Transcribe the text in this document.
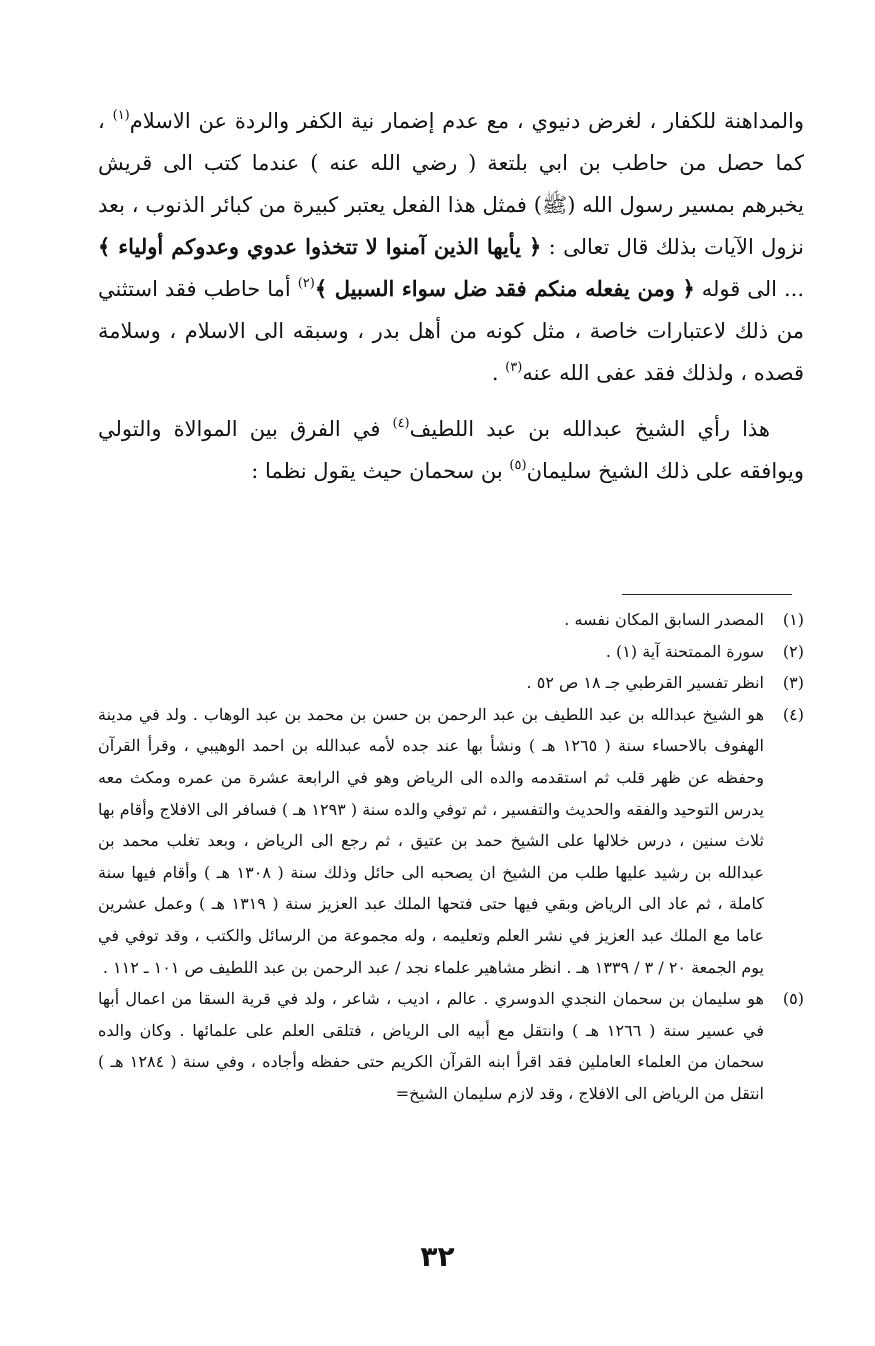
والمداهنة للكفار ، لغرض دنيوي ، مع عدم إضمار نية الكفر والردة عن الاسلام$^{(١)}$ ، كما حصل من حاطب بن ابي بلتعة ( رضي الله عنه ) عندما كتب الى قريش يخبرهم بمسير رسول الله (ﷺ) فمثل هذا الفعل يعتبر كبيرة من كبائر الذنوب ، بعد نزول الآيات بذلك قال تعالى : ﴿ يأيها الذين آمنوا لا تتخذوا عدوي وعدوكم أولياء ﴾ ... الى قوله ﴿ ومن يفعله منكم فقد ضل سواء السبيل ﴾$^{(٢)}$ أما حاطب فقد استثني من ذلك لاعتبارات خاصة ، مثل كونه من أهل بدر ، وسبقه الى الاسلام ، وسلامة قصده ، ولذلك فقد عفى الله عنه$^{(٣)}$ .

هذا رأي الشيخ عبدالله بن عبد اللطيف$^{(٤)}$ في الفرق بين الموالاة والتولي ويوافقه على ذلك الشيخ سليمان$^{(٥)}$ بن سحمان حيث يقول نظما :

(١)
المصدر السابق المكان نفسه .

(٢)
سورة الممتحنة آية (١) .

(٣)
انظر تفسير القرطبي جـ ١٨ ص ٥٢ .

(٤)
هو الشيخ عبدالله بن عبد اللطيف بن عبد الرحمن بن حسن بن محمد بن عبد الوهاب . ولد في مدينة الهفوف بالاحساء سنة ( ١٢٦٥ هـ ) ونشأ بها عند جده لأمه عبدالله بن احمد الوهيبي ، وقرأ القرآن وحفظه عن ظهر قلب ثم استقدمه والده الى الرياض وهو في الرابعة عشرة من عمره ومكث معه يدرس التوحيد والفقه والحديث والتفسير ، ثم توفي والده سنة ( ١٢٩٣ هـ ) فسافر الى الافلاج وأقام بها ثلاث سنين ، درس خلالها على الشيخ حمد بن عتيق ، ثم رجع الى الرياض ، وبعد تغلب محمد بن عبدالله بن رشيد عليها طلب من الشيخ ان يصحبه الى حائل وذلك سنة ( ١٣٠٨ هـ ) وأقام فيها سنة كاملة ، ثم عاد الى الرياض وبقي فيها حتى فتحها الملك عبد العزيز سنة ( ١٣١٩ هـ ) وعمل عشرين عاما مع الملك عبد العزيز في نشر العلم وتعليمه ، وله مجموعة من الرسائل والكتب ، وقد توفي في يوم الجمعة ٢٠ / ٣ / ١٣٣٩ هـ . انظر مشاهير علماء نجد / عبد الرحمن بن عبد اللطيف ص ١٠١ ـ ١١٢ .

(٥)
هو سليمان بن سحمان النجدي الدوسري . عالم ، اديب ، شاعر ، ولد في قرية السقا من اعمال أبها في عسير سنة ( ١٢٦٦ هـ ) وانتقل مع أبيه الى الرياض ، فتلقى العلم على علمائها . وكان والده سحمان من العلماء العاملين فقد اقرأ ابنه القرآن الكريم حتى حفظه وأجاده ، وفي سنة ( ١٢٨٤ هـ ) انتقل من الرياض الى الافلاج ، وقد لازم سليمان الشيخ=

٣٢
